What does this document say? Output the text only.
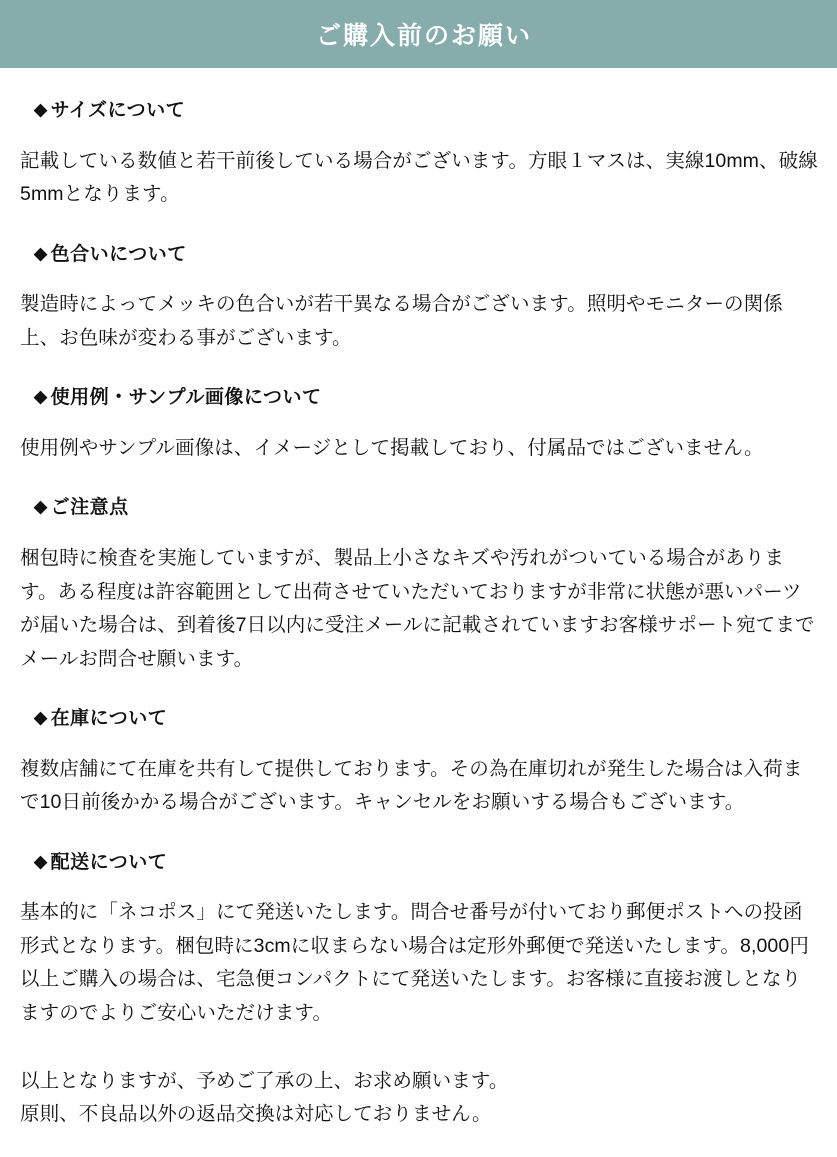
ご購入前のお願い
◆ サイズについて
記載している数値と若干前後している場合がございます。方眼１マスは、実線10mm、破線5mmとなります。
◆ 色合いについて
製造時によってメッキの色合いが若干異なる場合がございます。照明やモニターの関係上、お色味が変わる事がございます。
◆ 使用例・サンプル画像について
使用例やサンプル画像は、イメージとして掲載しており、付属品ではございません。
◆ ご注意点
梱包時に検査を実施していますが、製品上小さなキズや汚れがついている場合があります。ある程度は許容範囲として出荷させていただいておりますが非常に状態が悪いパーツが届いた場合は、到着後7日以内に受注メールに記載されていますお客様サポート宛てまでメールお問合せ願います。
◆ 在庫について
複数店舗にて在庫を共有して提供しております。その為在庫切れが発生した場合は入荷まで10日前後かかる場合がございます。キャンセルをお願いする場合もございます。
◆ 配送について
基本的に「ネコポス」にて発送いたします。問合せ番号が付いており郵便ポストへの投函形式となります。梱包時に3cmに収まらない場合は定形外郵便で発送いたします。8,000円以上ご購入の場合は、宅急便コンパクトにて発送いたします。お客様に直接お渡しとなりますのでよりご安心いただけます。
以上となりますが、予めご了承の上、お求め願います。
原則、不良品以外の返品交換は対応しておりません。
